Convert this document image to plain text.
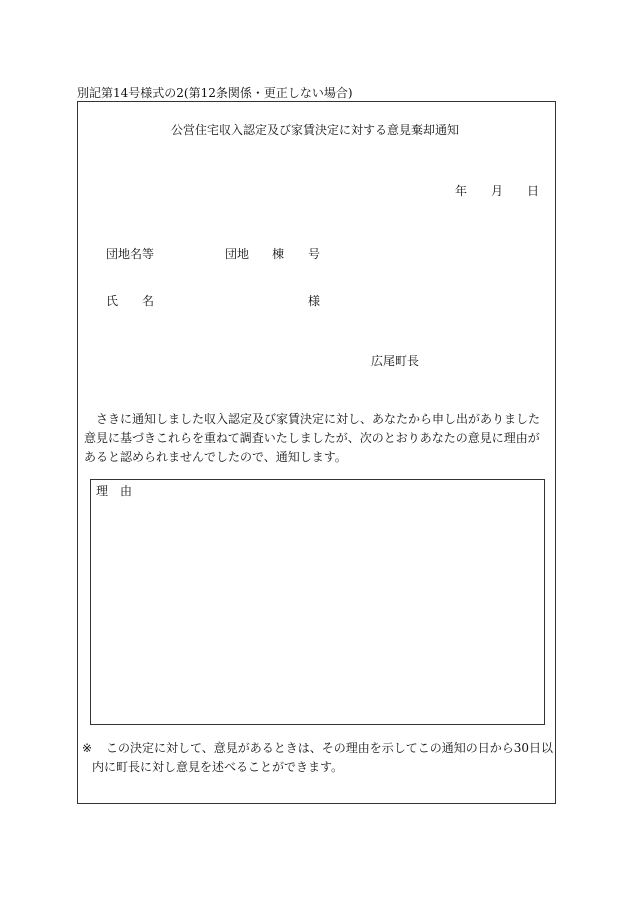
別記第14号様式の2(第12条関係・更正しない場合)
公営住宅収入認定及び家賃決定に対する意見棄却通知
年 月 日
団地名等	団地 棟 号
氏　　名	様
広尾町長
さきに通知しました収入認定及び家賃決定に対し、あなたから申し出がありました意見に基づきこれらを重ねて調査いたしましたが、次のとおりあなたの意見に理由があると認められませんでしたので、通知します。
理　由
※ この決定に対して、意見があるときは、その理由を示してこの通知の日から30日以
内に町長に対し意見を述べることができます。
